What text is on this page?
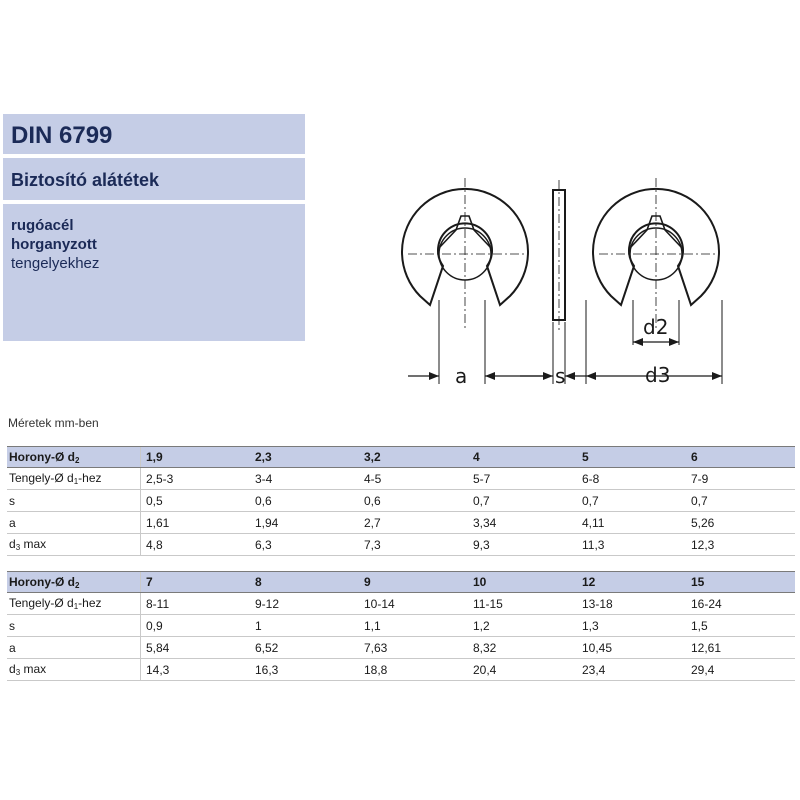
DIN 6799
Biztosító alátétek
rugóacél
horganyzott
tengelyekhez
a	s
d2
d3
Méretek mm-ben
Horony-Ø $d_2$	1,9	2,3	3,2	4	5	6
Tengely-Ø $d_1$-hez	2,5-3	3-4	4-5	5-7	6-8	7-9
s	0,5	0,6	0,6	0,7	0,7	0,7
a	1,61	1,94	2,7	3,34	4,11	5,26
$d_3$ max	4,8	6,3	7,3	9,3	11,3	12,3
Horony-Ø $d_2$	7	8	9	10	12	15
Tengely-Ø $d_1$-hez	8-11	9-12	10-14	11-15	13-18	16-24
s	0,9	1	1,1	1,2	1,3	1,5
a	5,84	6,52	7,63	8,32	10,45	12,61
$d_3$ max	14,3	16,3	18,8	20,4	23,4	29,4
